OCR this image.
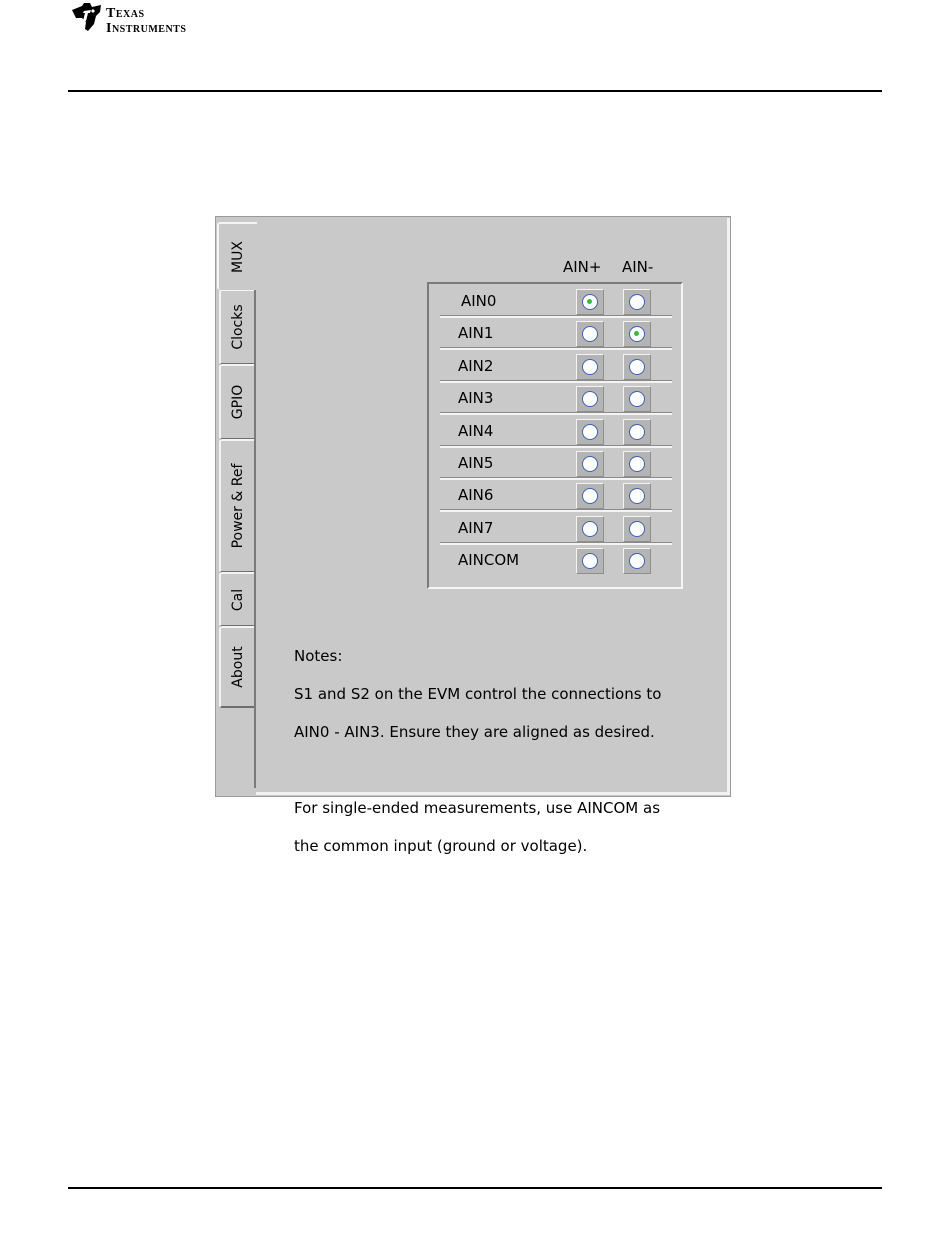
Texas
Instruments
MUX
Clocks
GPIO
Power & Ref
Cal
About
AIN+ AIN-
AIN0
AIN1
AIN2
AIN3
AIN4
AIN5
AIN6
AIN7
AINCOM

Notes:

S1 and S2 on the EVM control the connections to

AIN0 - AIN3. Ensure they are aligned as desired.

For single-ended measurements, use AINCOM as

the common input (ground or voltage).
